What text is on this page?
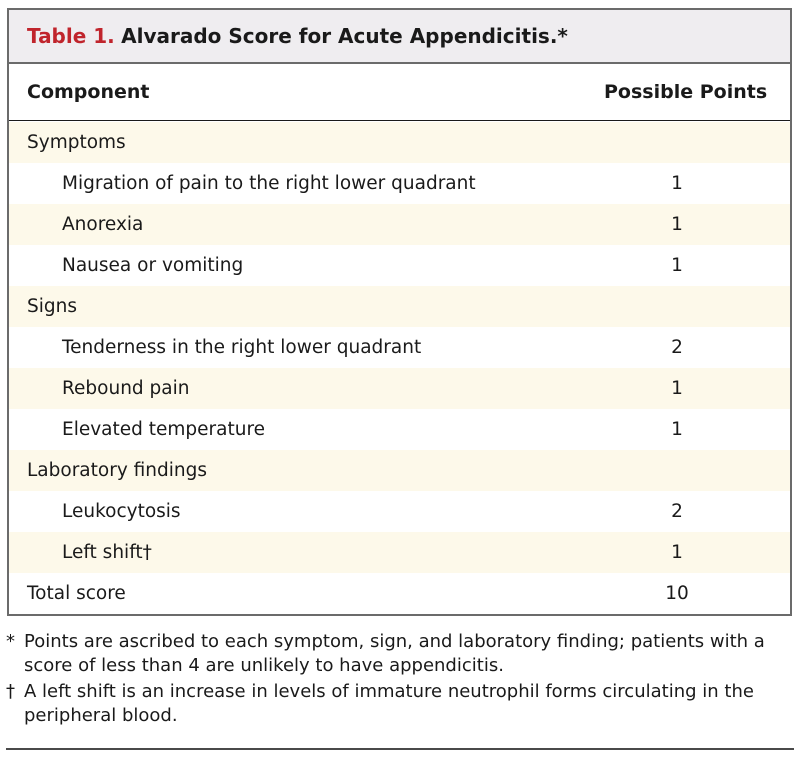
Table 1. Alvarado Score for Acute Appendicitis.*
Component	Possible Points
Symptoms
Migration of pain to the right lower quadrant	1
Anorexia	1
Nausea or vomiting	1
Signs
Tenderness in the right lower quadrant	2
Rebound pain	1
Elevated temperature	1
Laboratory findings
Leukocytosis	2
Left shift†	1
Total score	10
* Points are ascribed to each symptom, sign, and laboratory finding; patients with a score of less than 4 are unlikely to have appendicitis.
† A left shift is an increase in levels of immature neutrophil forms circulating in the peripheral blood.
